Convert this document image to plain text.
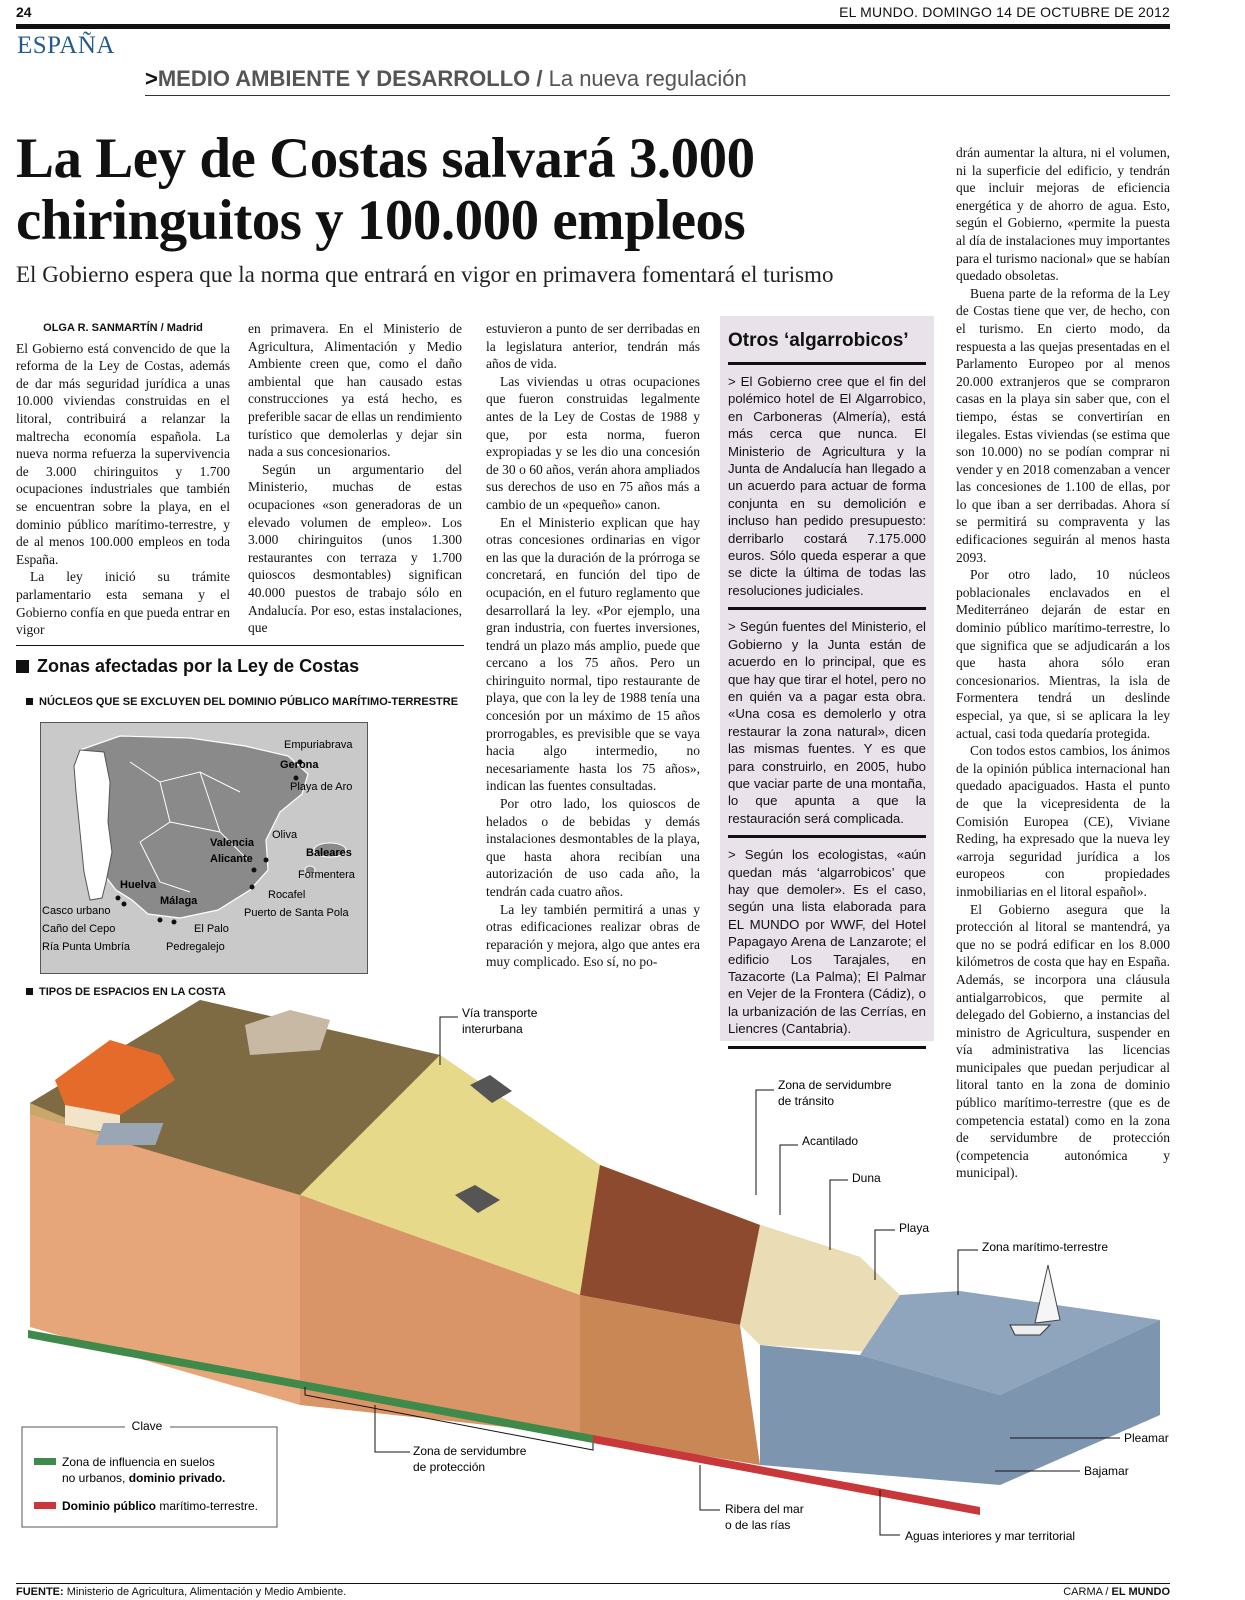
24	EL MUNDO. DOMINGO 14 DE OCTUBRE DE 2012
ESPAÑA
>MEDIO AMBIENTE Y DESARROLLO / La nueva regulación
La Ley de Costas salvará 3.000 chiringuitos y 100.000 empleos
El Gobierno espera que la norma que entrará en vigor en primavera fomentará el turismo
OLGA R. SANMARTÍN / Madrid

El Gobierno está convencido de que la reforma de la Ley de Costas, además de dar más seguridad jurídica a unas 10.000 viviendas construidas en el litoral, contribuirá a relanzar la maltrecha economía española. La nueva norma refuerza la supervivencia de 3.000 chiringuitos y 1.700 ocupaciones industriales que también se encuentran sobre la playa, en el dominio público marítimo-terrestre, y de al menos 100.000 empleos en toda España.

La ley inició su trámite parlamentario esta semana y el Gobierno confía en que pueda entrar en vigor

en primavera. En el Ministerio de Agricultura, Alimentación y Medio Ambiente creen que, como el daño ambiental que han causado estas construcciones ya está hecho, es preferible sacar de ellas un rendimiento turístico que demolerlas y dejar sin nada a sus concesionarios.

Según un argumentario del Ministerio, muchas de estas ocupaciones «son generadoras de un elevado volumen de empleo». Los 3.000 chiringuitos (unos 1.300 restaurantes con terraza y 1.700 quioscos desmontables) significan 40.000 puestos de trabajo sólo en Andalucía. Por eso, estas instalaciones, que

estuvieron a punto de ser derribadas en la legislatura anterior, tendrán más años de vida.

Las viviendas u otras ocupaciones que fueron construidas legalmente antes de la Ley de Costas de 1988 y que, por esta norma, fueron expropiadas y se les dio una concesión de 30 o 60 años, verán ahora ampliados sus derechos de uso en 75 años más a cambio de un «pequeño» canon.

En el Ministerio explican que hay otras concesiones ordinarias en vigor en las que la duración de la prórroga se concretará, en función del tipo de ocupación, en el futuro reglamento que desarrollará la ley. «Por ejemplo, una gran industria, con fuertes inversiones, tendrá un plazo más amplio, puede que cercano a los 75 años. Pero un chiringuito normal, tipo restaurante de playa, que con la ley de 1988 tenía una concesión por un máximo de 15 años prorrogables, es previsible que se vaya hacia algo intermedio, no necesariamente hasta los 75 años», indican las fuentes consultadas.

Por otro lado, los quioscos de helados o de bebidas y demás instalaciones desmontables de la playa, que hasta ahora recibían una autorización de uso cada año, la tendrán cada cuatro años.

La ley también permitirá a unas y otras edificaciones realizar obras de reparación y mejora, algo que antes era muy complicado. Eso sí, no po-

Otros ‘algarrobicos’

> El Gobierno cree que el fin del polémico hotel de El Algarrobico, en Carboneras (Almería), está más cerca que nunca. El Ministerio de Agricultura y la Junta de Andalucía han llegado a un acuerdo para actuar de forma conjunta en su demolición e incluso han pedido presupuesto: derribarlo costará 7.175.000 euros. Sólo queda esperar a que se dicte la última de todas las resoluciones judiciales.

> Según fuentes del Ministerio, el Gobierno y la Junta están de acuerdo en lo principal, que es que hay que tirar el hotel, pero no en quién va a pagar esta obra. «Una cosa es demolerlo y otra restaurar la zona natural», dicen las mismas fuentes. Y es que para construirlo, en 2005, hubo que vaciar parte de una montaña, lo que apunta a que la restauración será complicada.

> Según los ecologistas, «aún quedan más ‘algarrobicos’ que hay que demoler». Es el caso, según una lista elaborada para EL MUNDO por WWF, del Hotel Papagayo Arena de Lanzarote; el edificio Los Tarajales, en Tazacorte (La Palma); El Palmar en Vejer de la Frontera (Cádiz), o la urbanización de las Cerrías, en Liencres (Cantabria).

drán aumentar la altura, ni el volumen, ni la superficie del edificio, y tendrán que incluir mejoras de eficiencia energética y de ahorro de agua. Esto, según el Gobierno, «permite la puesta al día de instalaciones muy importantes para el turismo nacional» que se habían quedado obsoletas.

Buena parte de la reforma de la Ley de Costas tiene que ver, de hecho, con el turismo. En cierto modo, da respuesta a las quejas presentadas en el Parlamento Europeo por al menos 20.000 extranjeros que se compraron casas en la playa sin saber que, con el tiempo, éstas se convertirían en ilegales. Estas viviendas (se estima que son 10.000) no se podían comprar ni vender y en 2018 comenzaban a vencer las concesiones de 1.100 de ellas, por lo que iban a ser derribadas. Ahora sí se permitirá su compraventa y las edificaciones seguirán al menos hasta 2093.

Por otro lado, 10 núcleos poblacionales enclavados en el Mediterráneo dejarán de estar en dominio público marítimo-terrestre, lo que significa que se adjudicarán a los que hasta ahora sólo eran concesionarios. Mientras, la isla de Formentera tendrá un deslinde especial, ya que, si se aplicara la ley actual, casi toda quedaría protegida.

Con todos estos cambios, los ánimos de la opinión pública internacional han quedado apaciguados. Hasta el punto de que la vicepresidenta de la Comisión Europea (CE), Viviane Reding, ha expresado que la nueva ley «arroja seguridad jurídica a los europeos con propiedades inmobiliarias en el litoral español».

El Gobierno asegura que la protección al litoral se mantendrá, ya que no se podrá edificar en los 8.000 kilómetros de costa que hay en España. Además, se incorpora una cláusula antialgarrobicos, que permite al delegado del Gobierno, a instancias del ministro de Agricultura, suspender en vía administrativa las licencias municipales que puedan perjudicar al litoral tanto en la zona de dominio público marítimo-terrestre (que es de competencia estatal) como en la zona de servidumbre de protección (competencia autonómica y municipal).

Zonas afectadas por la Ley de Costas
NÚCLEOS QUE SE EXCLUYEN DEL DOMINIO PÚBLICO MARÍTIMO-TERRESTRE
TIPOS DE ESPACIOS EN LA COSTA
Empuriabrava
Gerona
Playa de Aro
Oliva
Valencia
Alicante	Baleares
Formentera
Rocafel
Puerto de Santa Pola
Huelva
Málaga
Casco urbano
Caño del Cepo	El Palo
Ría Punta Umbría	Pedregalejo
Vía transporte
interurbana
Zona de servidumbre
de tránsito
Acantilado
Duna
Playa
Zona marítimo-terrestre
Pleamar
Bajamar
Zona de servidumbre
de protección
Ribera del mar
o de las rías
Aguas interiores y mar territorial
Clave
Zona de influencia en suelos
no urbanos, dominio privado.
Dominio público marítimo-terrestre.
FUENTE: Ministerio de Agricultura, Alimentación y Medio Ambiente.	CARMA / EL MUNDO
